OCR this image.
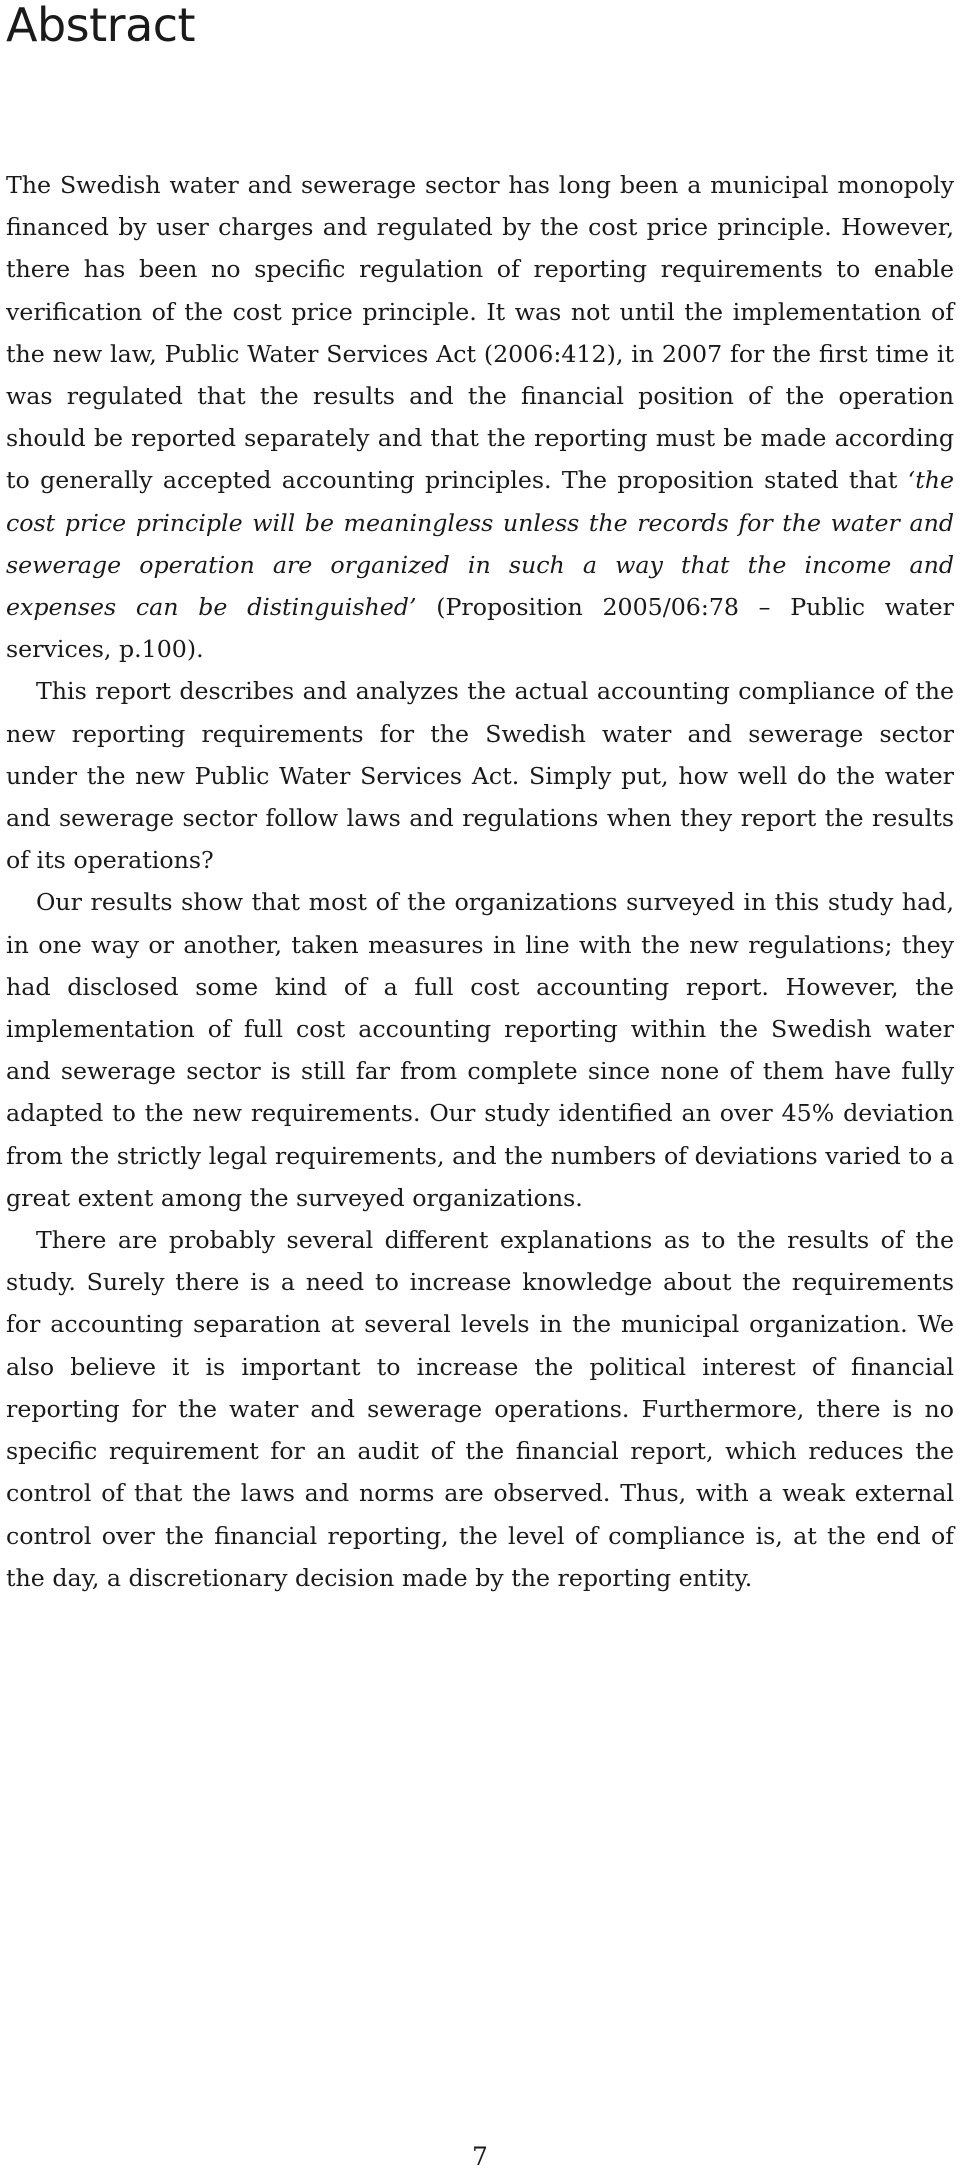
Abstract

The Swedish water and sewerage sector has long been a municipal monopoly financed by user charges and regulated by the cost price principle. However, there has been no specific regulation of reporting requirements to enable verification of the cost price principle. It was not until the implementation of the new law, Public Water Services Act (2006:412), in 2007 for the first time it was regulated that the results and the financial position of the operation should be reported separately and that the reporting must be made according to generally accepted accounting principles. The proposition stated that ‘the cost price principle will be meaningless unless the records for the water and sewerage operation are organized in such a way that the income and expenses can be distinguished’ (Proposition 2005/06:78 – Public water services, p.100).

This report describes and analyzes the actual accounting compliance of the new reporting requirements for the Swedish water and sewerage sector under the new Public Water Services Act. Simply put, how well do the water and sewerage sector follow laws and regulations when they report the results of its operations?

Our results show that most of the organizations surveyed in this study had, in one way or another, taken measures in line with the new regulations; they had disclosed some kind of a full cost accounting report. However, the implementation of full cost accounting reporting within the Swedish water and sewerage sector is still far from complete since none of them have fully adapted to the new requirements. Our study identified an over 45% deviation from the strictly legal requirements, and the numbers of deviations varied to a great extent among the surveyed organizations.

There are probably several different explanations as to the results of the study. Surely there is a need to increase knowledge about the requirements for accounting separation at several levels in the municipal organization. We also believe it is important to increase the political interest of financial reporting for the water and sewerage operations. Furthermore, there is no specific requirement for an audit of the financial report, which reduces the control of that the laws and norms are observed. Thus, with a weak external control over the financial reporting, the level of compliance is, at the end of the day, a discretionary decision made by the reporting entity.

7
